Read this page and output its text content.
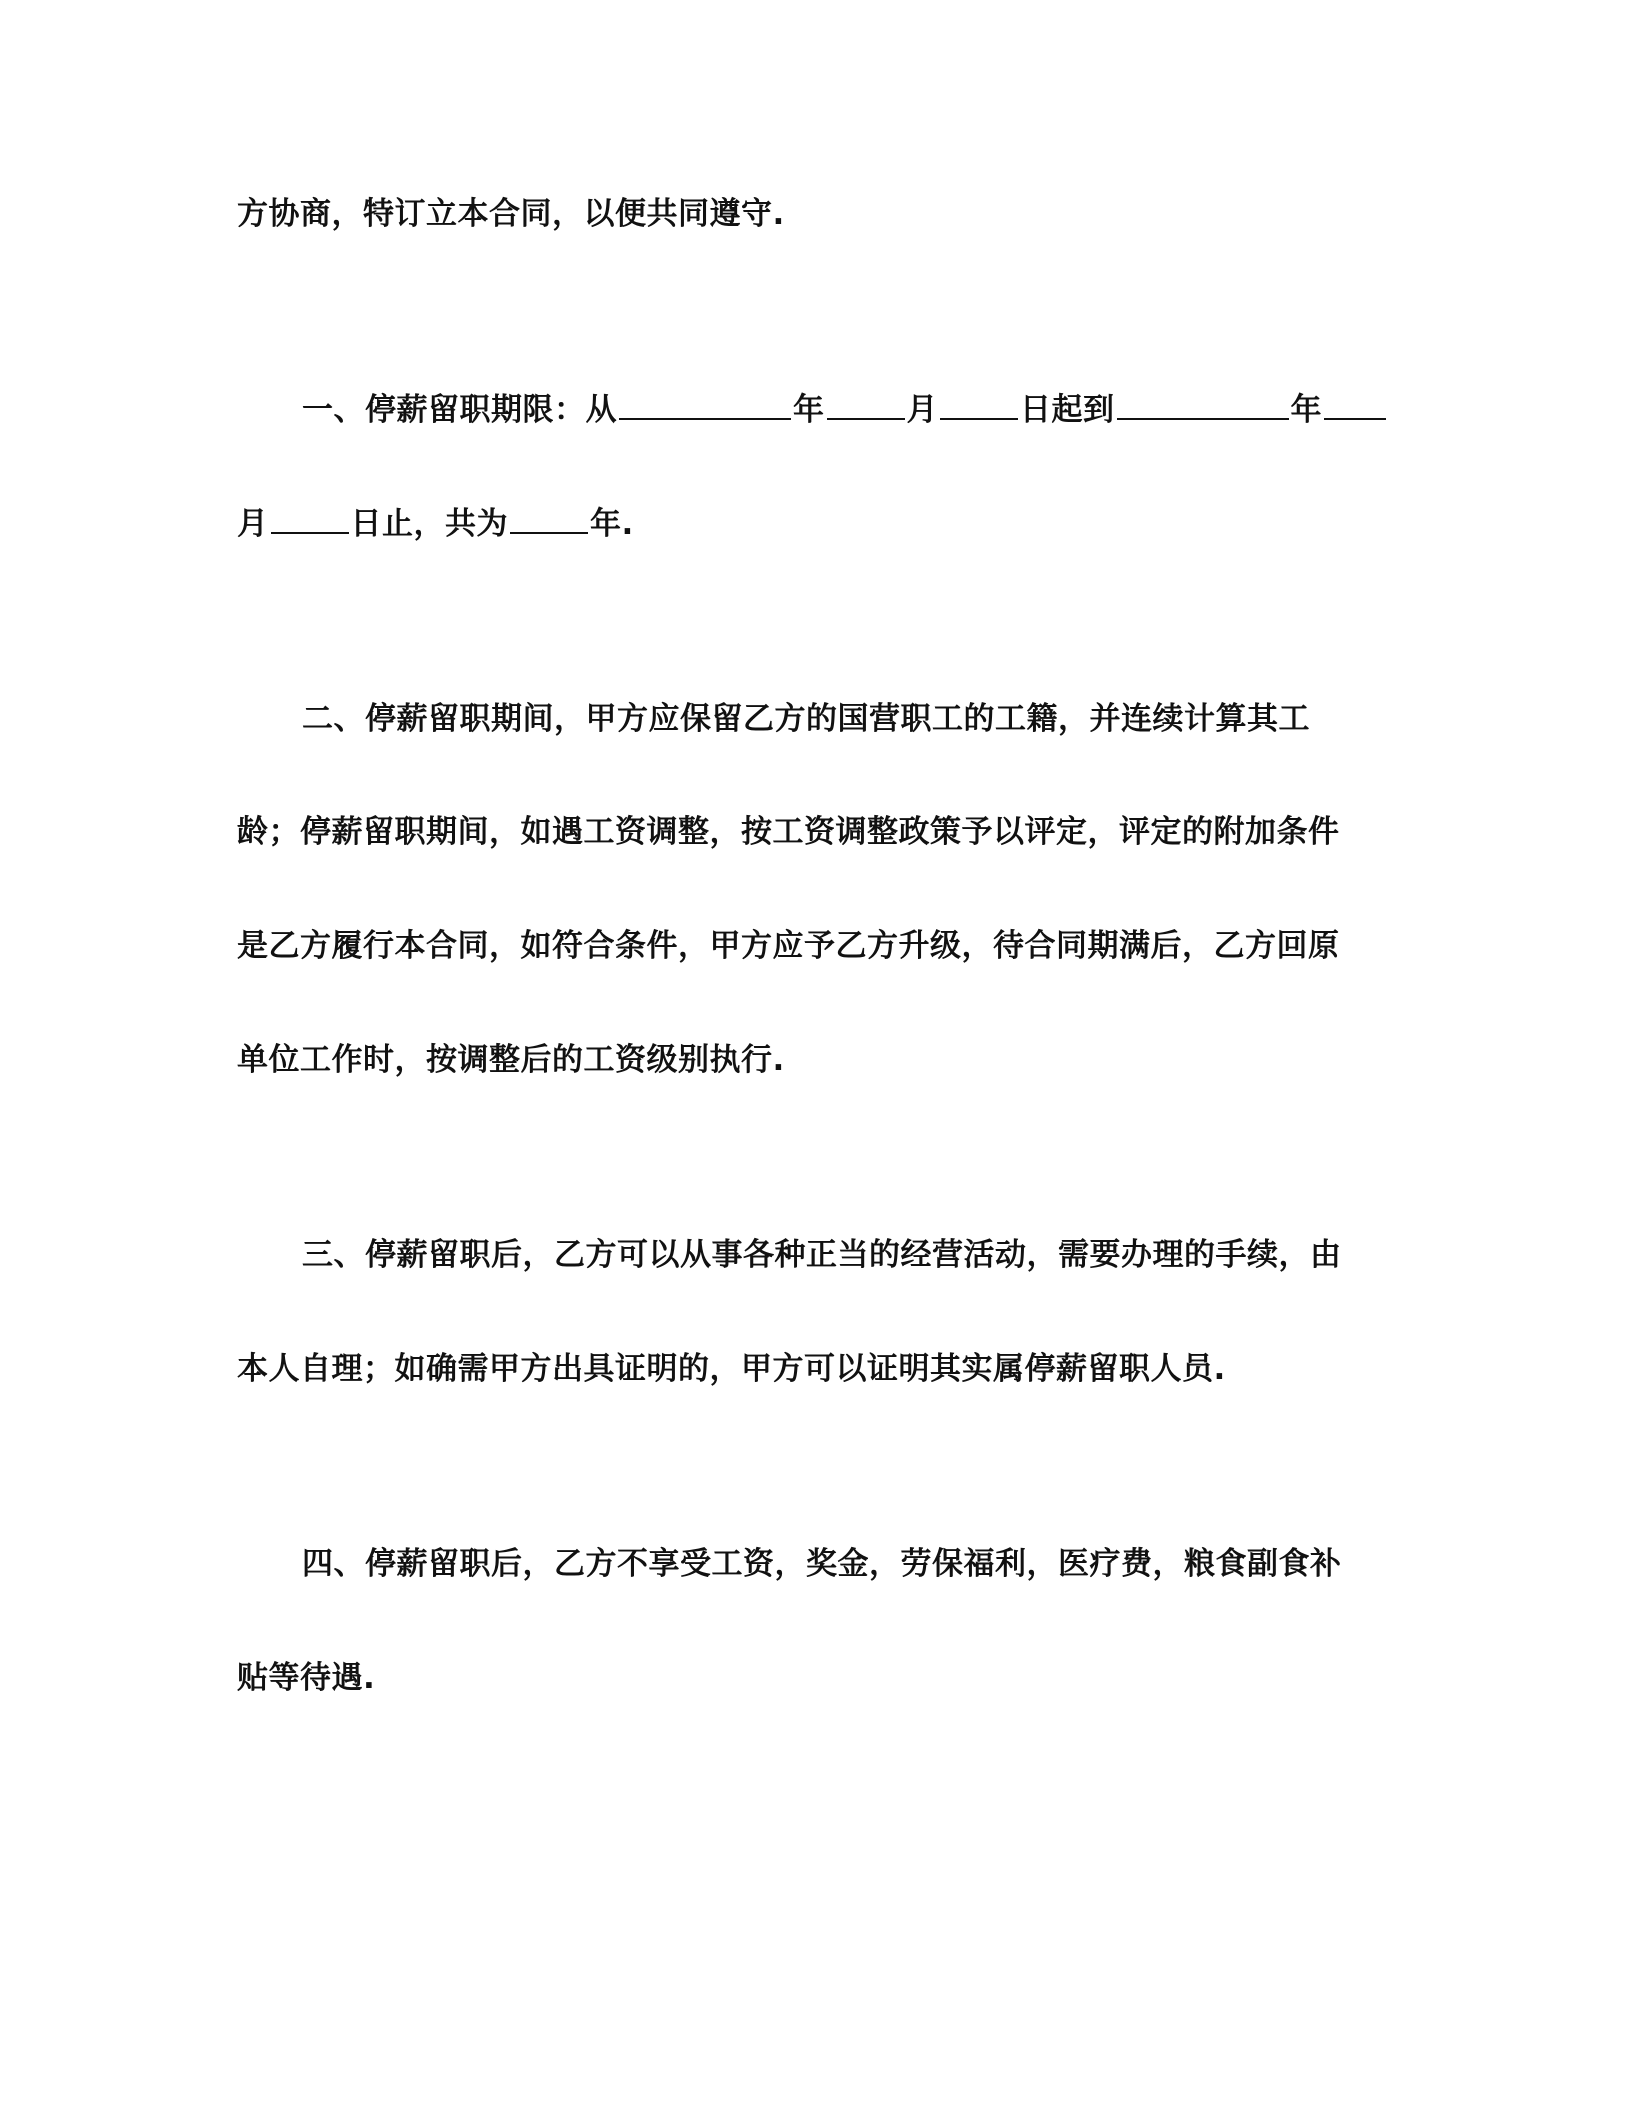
方协商，特订立本合同，以便共同遵守.
一、停薪留职期限：从	年	月	日起到	年
月	日止，共为	年.
二、停薪留职期间，甲方应保留乙方的国营职工的工籍，并连续计算其工
龄；停薪留职期间，如遇工资调整，按工资调整政策予以评定，评定的附加条件
是乙方履行本合同，如符合条件，甲方应予乙方升级，待合同期满后，乙方回原
单位工作时，按调整后的工资级别执行.
三、停薪留职后，乙方可以从事各种正当的经营活动，需要办理的手续，由
本人自理；如确需甲方出具证明的，甲方可以证明其实属停薪留职人员.
四、停薪留职后，乙方不享受工资，奖金，劳保福利，医疗费，粮食副食补
贴等待遇.
